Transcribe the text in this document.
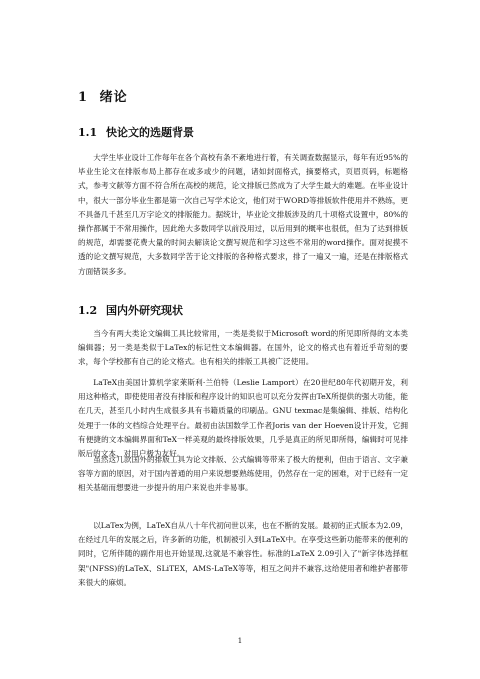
1 绪论
1.1 快论文的选题背景

大学生毕业设计工作每年在各个高校有条不紊地进行着，有关调查数据显示，每年有近95%的毕业生论文在排版布局上都存在或多或少的问题，诸如封面格式，摘要格式，页眉页码，标题格式，参考文献等方面不符合所在高校的规范，论文排版已然成为了大学生最大的难题。在毕业设计中，很大一部分毕业生都是第一次自己写学术论文，他们对于WORD等排版软件使用并不熟练，更不具备几千甚至几万字论文的排版能力。据统计，毕业论文排版涉及的几十项格式设置中，80%的操作都属于不常用操作，因此绝大多数同学以前没用过，以后用到的概率也很低，但为了达到排版的规范，却需要花费大量的时间去解读论文撰写规范和学习这些不常用的word操作。面对捉摸不透的论文撰写规范，大多数同学苦于论文排版的各种格式要求，排了一遍又一遍，还是在排版格式方面错误多多。

1.2 国内外研究现状

当今有两大类论文编辑工具比较常用，一类是类似于Microsoft word的所见即所得的文本类编辑器；另一类是类似于LaTex的标记性文本编辑器。在国外，论文的格式也有着近乎苛刻的要求，每个学校都有自己的论文格式。也有相关的排版工具被广泛使用。

LaTeX由美国计算机学家莱斯利·兰伯特（Leslie Lamport）在20世纪80年代初期开发，利用这种格式，即使使用者没有排版和程序设计的知识也可以充分发挥由TeX所提供的强大功能，能在几天，甚至几小时内生成很多具有书籍质量的印刷品。GNU texmac是集编辑、排版、结构化处理于一体的文档综合处理平台。最初由法国数学工作者Joris van der Hoeven设计开发，它拥有便捷的文本编辑界面和TeX一样美观的最终排版效果，几乎是真正的所见即所得，编辑时可见排版后的文本，对用户极为友好。

虽然这几款国外的排版工具为论文排版、公式编辑等带来了极大的便利，但由于语言、文字兼容等方面的原因，对于国内普通的用户来说想要熟练使用，仍然存在一定的困难，对于已经有一定相关基础而想要进一步提升的用户来说也并非易事。

以LaTex为例，LaTeX自从八十年代初问世以来，也在不断的发展。最初的正式版本为2.09，在经过几年的发展之后，许多新的功能，机制被引入到LaTeX中。在享受这些新功能带来的便利的同时，它所伴随的副作用也开始显现,这就是不兼容性。标准的LaTeX 2.09引入了"新字体选择框架"(NFSS)的LaTeX、SLiTEX，AMS-LaTeX等等，相互之间并不兼容,这给使用者和维护者都带来很大的麻烦。

1
